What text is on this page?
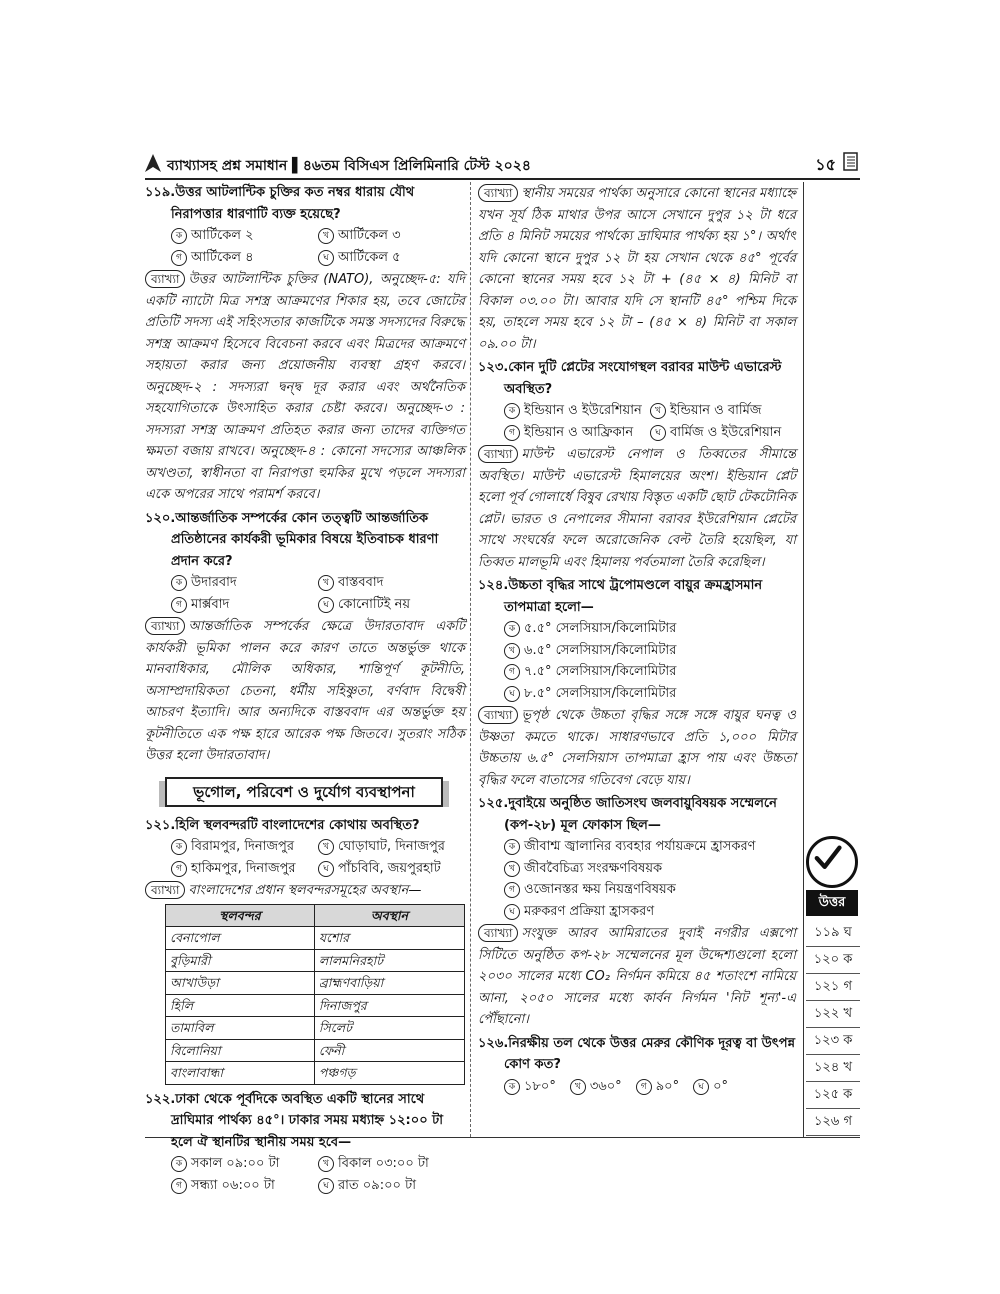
ব্যাখ্যাসহ প্রশ্ন সমাধান ▌৪৬তম বিসিএস প্রিলিমিনারি টেস্ট ২০২৪	১৫

১১৯.উত্তর আটলান্টিক চুক্তির কত নম্বর ধারায় যৌথ নিরাপত্তার ধারণাটি ব্যক্ত হয়েছে?

ক আর্টিকেল ২	খ আর্টিকেল ৩
গ আর্টিকেল ৪	ঘ আর্টিকেল ৫

ব্যাখ্যা উত্তর আটলান্টিক চুক্তির (NATO), অনুচ্ছেদ-৫: যদি একটি ন্যাটো মিত্র সশস্ত্র আক্রমণের শিকার হয়, তবে জোটের প্রতিটি সদস্য এই সহিংসতার কাজটিকে সমস্ত সদস্যদের বিরুদ্ধে সশস্ত্র আক্রমণ হিসেবে বিবেচনা করবে এবং মিত্রদের আক্রমণে সহায়তা করার জন্য প্রয়োজনীয় ব্যবস্থা গ্রহণ করবে। অনুচ্ছেদ-২ : সদস্যরা দ্বন্দ্ব দূর করার এবং অর্থনৈতিক সহযোগিতাকে উৎসাহিত করার চেষ্টা করবে। অনুচ্ছেদ-৩ : সদস্যরা সশস্ত্র আক্রমণ প্রতিহত করার জন্য তাদের ব্যক্তিগত ক্ষমতা বজায় রাখবে। অনুচ্ছেদ-৪ : কোনো সদস্যের আঞ্চলিক অখণ্ডতা, স্বাধীনতা বা নিরাপত্তা হুমকির মুখে পড়লে সদস্যরা একে অপরের সাথে পরামর্শ করবে।

১২০.আন্তর্জাতিক সম্পর্কের কোন তত্ত্বটি আন্তর্জাতিক প্রতিষ্ঠানের কার্যকরী ভূমিকার বিষয়ে ইতিবাচক ধারণা প্রদান করে?

ক উদারবাদ	খ বাস্তববাদ
গ মার্ক্সবাদ	ঘ কোনোটিই নয়

ব্যাখ্যা আন্তর্জাতিক সম্পর্কের ক্ষেত্রে উদারতাবাদ একটি কার্যকরী ভূমিকা পালন করে কারণ তাতে অন্তর্ভুক্ত থাকে মানবাধিকার, মৌলিক অধিকার, শান্তিপূর্ণ কূটনীতি, অসাম্প্রদায়িকতা চেতনা, ধর্মীয় সহিষ্ণুতা, বর্ণবাদ বিদ্বেষী আচরণ ইত্যাদি। আর অন্যদিকে বাস্তববাদ এর অন্তর্ভুক্ত হয় কূটনীতিতে এক পক্ষ হারে আরেক পক্ষ জিতবে। সুতরাং সঠিক উত্তর হলো উদারতাবাদ।

ভূগোল, পরিবেশ ও দুর্যোগ ব্যবস্থাপনা

১২১.হিলি স্থলবন্দরটি বাংলাদেশের কোথায় অবস্থিত?

ক বিরামপুর, দিনাজপুর	খ ঘোড়াঘাট, দিনাজপুর
গ হাকিমপুর, দিনাজপুর	ঘ পাঁচবিবি, জয়পুরহাট

ব্যাখ্যা বাংলাদেশের প্রধান স্থলবন্দরসমূহের অবস্থান—

স্থলবন্দর	অবস্থান
বেনাপোল	যশোর
বুড়িমারী	লালমনিরহাট
আখাউড়া	ব্রাহ্মণবাড়িয়া
হিলি	দিনাজপুর
তামাবিল	সিলেট
বিলোনিয়া	ফেনী
বাংলাবান্ধা	পঞ্চগড়

১২২.ঢাকা থেকে পূর্বদিকে অবস্থিত একটি স্থানের সাথে দ্রাঘিমার পার্থক্য ৪৫°। ঢাকার সময় মধ্যাহ্ন ১২:০০ টা হলে ঐ স্থানটির স্থানীয় সময় হবে—

ক সকাল ০৯:০০ টা	খ বিকাল ০৩:০০ টা
গ সন্ধ্যা ০৬:০০ টা	ঘ রাত ০৯:০০ টা

ব্যাখ্যা স্থানীয় সময়ের পার্থক্য অনুসারে কোনো স্থানের মধ্যাহ্নে যখন সূর্য ঠিক মাথার উপর আসে সেখানে দুপুর ১২ টা ধরে প্রতি ৪ মিনিট সময়ের পার্থক্যে দ্রাঘিমার পার্থক্য হয় ১°। অর্থাৎ যদি কোনো স্থানে দুপুর ১২ টা হয় সেখান থেকে ৪৫° পূর্বের কোনো স্থানের সময় হবে ১২ টা + (৪৫ × ৪) মিনিট বা বিকাল ০৩.০০ টা। আবার যদি সে স্থানটি ৪৫° পশ্চিম দিকে হয়, তাহলে সময় হবে ১২ টা – (৪৫ × ৪) মিনিট বা সকাল ০৯.০০ টা।

১২৩.কোন দুটি প্লেটের সংযোগস্থল বরাবর মাউন্ট এভারেস্ট অবস্থিত?

ক ইন্ডিয়ান ও ইউরেশিয়ান	খ ইন্ডিয়ান ও বার্মিজ
গ ইন্ডিয়ান ও আফ্রিকান	ঘ বার্মিজ ও ইউরেশিয়ান

ব্যাখ্যা মাউন্ট এভারেস্ট নেপাল ও তিব্বতের সীমান্তে অবস্থিত। মাউন্ট এভারেস্ট হিমালয়ের অংশ। ইন্ডিয়ান প্লেট হলো পূর্ব গোলার্ধে বিষুব রেখায় বিস্তৃত একটি ছোট টেকটোনিক প্লেট। ভারত ও নেপালের সীমানা বরাবর ইউরেশিয়ান প্লেটের সাথে সংঘর্ষের ফলে অরোজেনিক বেল্ট তৈরি হয়েছিল, যা তিব্বত মালভূমি এবং হিমালয় পর্বতমালা তৈরি করেছিল।

১২৪.উচ্চতা বৃদ্ধির সাথে ট্রপোমণ্ডলে বায়ুর ক্রমহ্রাসমান তাপমাত্রা হলো—

ক ৫.৫° সেলসিয়াস/কিলোমিটার
খ ৬.৫° সেলসিয়াস/কিলোমিটার
গ ৭.৫° সেলসিয়াস/কিলোমিটার
ঘ ৮.৫° সেলসিয়াস/কিলোমিটার

ব্যাখ্যা ভূপৃষ্ঠ থেকে উচ্চতা বৃদ্ধির সঙ্গে সঙ্গে বায়ুর ঘনত্ব ও উষ্ণতা কমতে থাকে। সাধারণভাবে প্রতি ১,০০০ মিটার উচ্চতায় ৬.৫° সেলসিয়াস তাপমাত্রা হ্রাস পায় এবং উচ্চতা বৃদ্ধির ফলে বাতাসের গতিবেগ বেড়ে যায়।

১২৫.দুবাইয়ে অনুষ্ঠিত জাতিসংঘ জলবায়ুবিষয়ক সম্মেলনে (কপ-২৮) মূল ফোকাস ছিল—

ক জীবাশ্ম জ্বালানির ব্যবহার পর্যায়ক্রমে হ্রাসকরণ
খ জীববৈচিত্র্য সংরক্ষণবিষয়ক
গ ওজোনস্তর ক্ষয় নিয়ন্ত্রণবিষয়ক
ঘ মরুকরণ প্রক্রিয়া হ্রাসকরণ

ব্যাখ্যা সংযুক্ত আরব আমিরাতের দুবাই নগরীর এক্সপো সিটিতে অনুষ্ঠিত কপ-২৮ সম্মেলনের মূল উদ্দেশ্যগুলো হলো ২০৩০ সালের মধ্যে CO₂ নির্গমন কমিয়ে ৪৫ শতাংশে নামিয়ে আনা, ২০৫০ সালের মধ্যে কার্বন নির্গমন 'নিট শূন্য'-এ পৌঁছানো।

১২৬.নিরক্ষীয় তল থেকে উত্তর মেরুর কৌণিক দূরত্ব বা উৎপন্ন কোণ কত?

ক ১৮০°	খ ৩৬০°	গ ৯০°	ঘ ০°
উত্তর
১১৯ ঘ
১২০ ক
১২১ গ
১২২ খ
১২৩ ক
১২৪ খ
১২৫ ক
১২৬ গ
